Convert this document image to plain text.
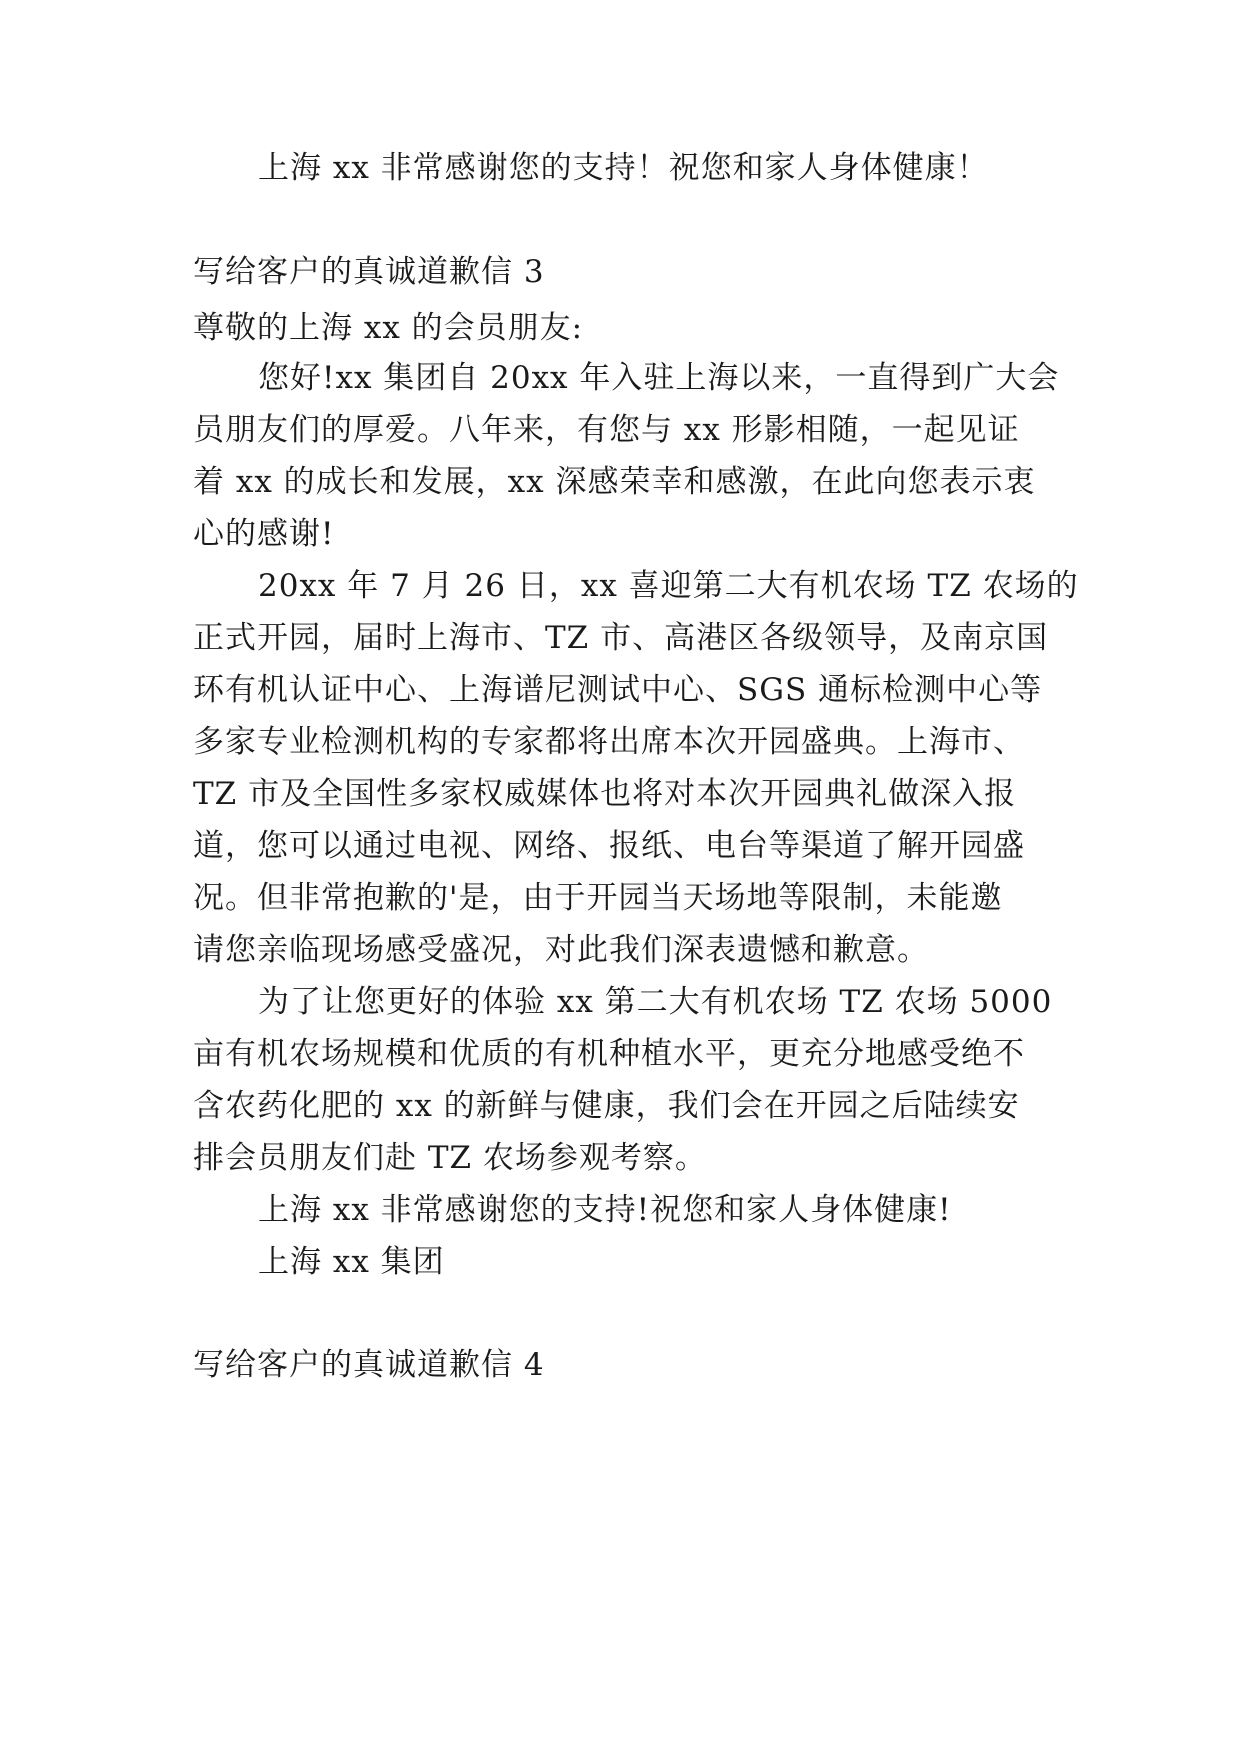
上海 xx 非常感谢您的支持！祝您和家人身体健康！
写给客户的真诚道歉信 3
尊敬的上海 xx 的会员朋友:
您好!xx 集团自 20xx 年入驻上海以来，一直得到广大会
员朋友们的厚爱。八年来，有您与 xx 形影相随，一起见证
着 xx 的成长和发展，xx 深感荣幸和感激，在此向您表示衷
心的感谢!
20xx 年 7 月 26 日，xx 喜迎第二大有机农场 TZ 农场的
正式开园，届时上海市、TZ 市、高港区各级领导，及南京国
环有机认证中心、上海谱尼测试中心、SGS 通标检测中心等
多家专业检测机构的专家都将出席本次开园盛典。上海市、
TZ 市及全国性多家权威媒体也将对本次开园典礼做深入报
道，您可以通过电视、网络、报纸、电台等渠道了解开园盛
况。但非常抱歉的'是，由于开园当天场地等限制，未能邀
请您亲临现场感受盛况，对此我们深表遗憾和歉意。
为了让您更好的体验 xx 第二大有机农场 TZ 农场 5000
亩有机农场规模和优质的有机种植水平，更充分地感受绝不
含农药化肥的 xx 的新鲜与健康，我们会在开园之后陆续安
排会员朋友们赴 TZ 农场参观考察。
上海 xx 非常感谢您的支持!祝您和家人身体健康!
上海 xx 集团
写给客户的真诚道歉信 4
